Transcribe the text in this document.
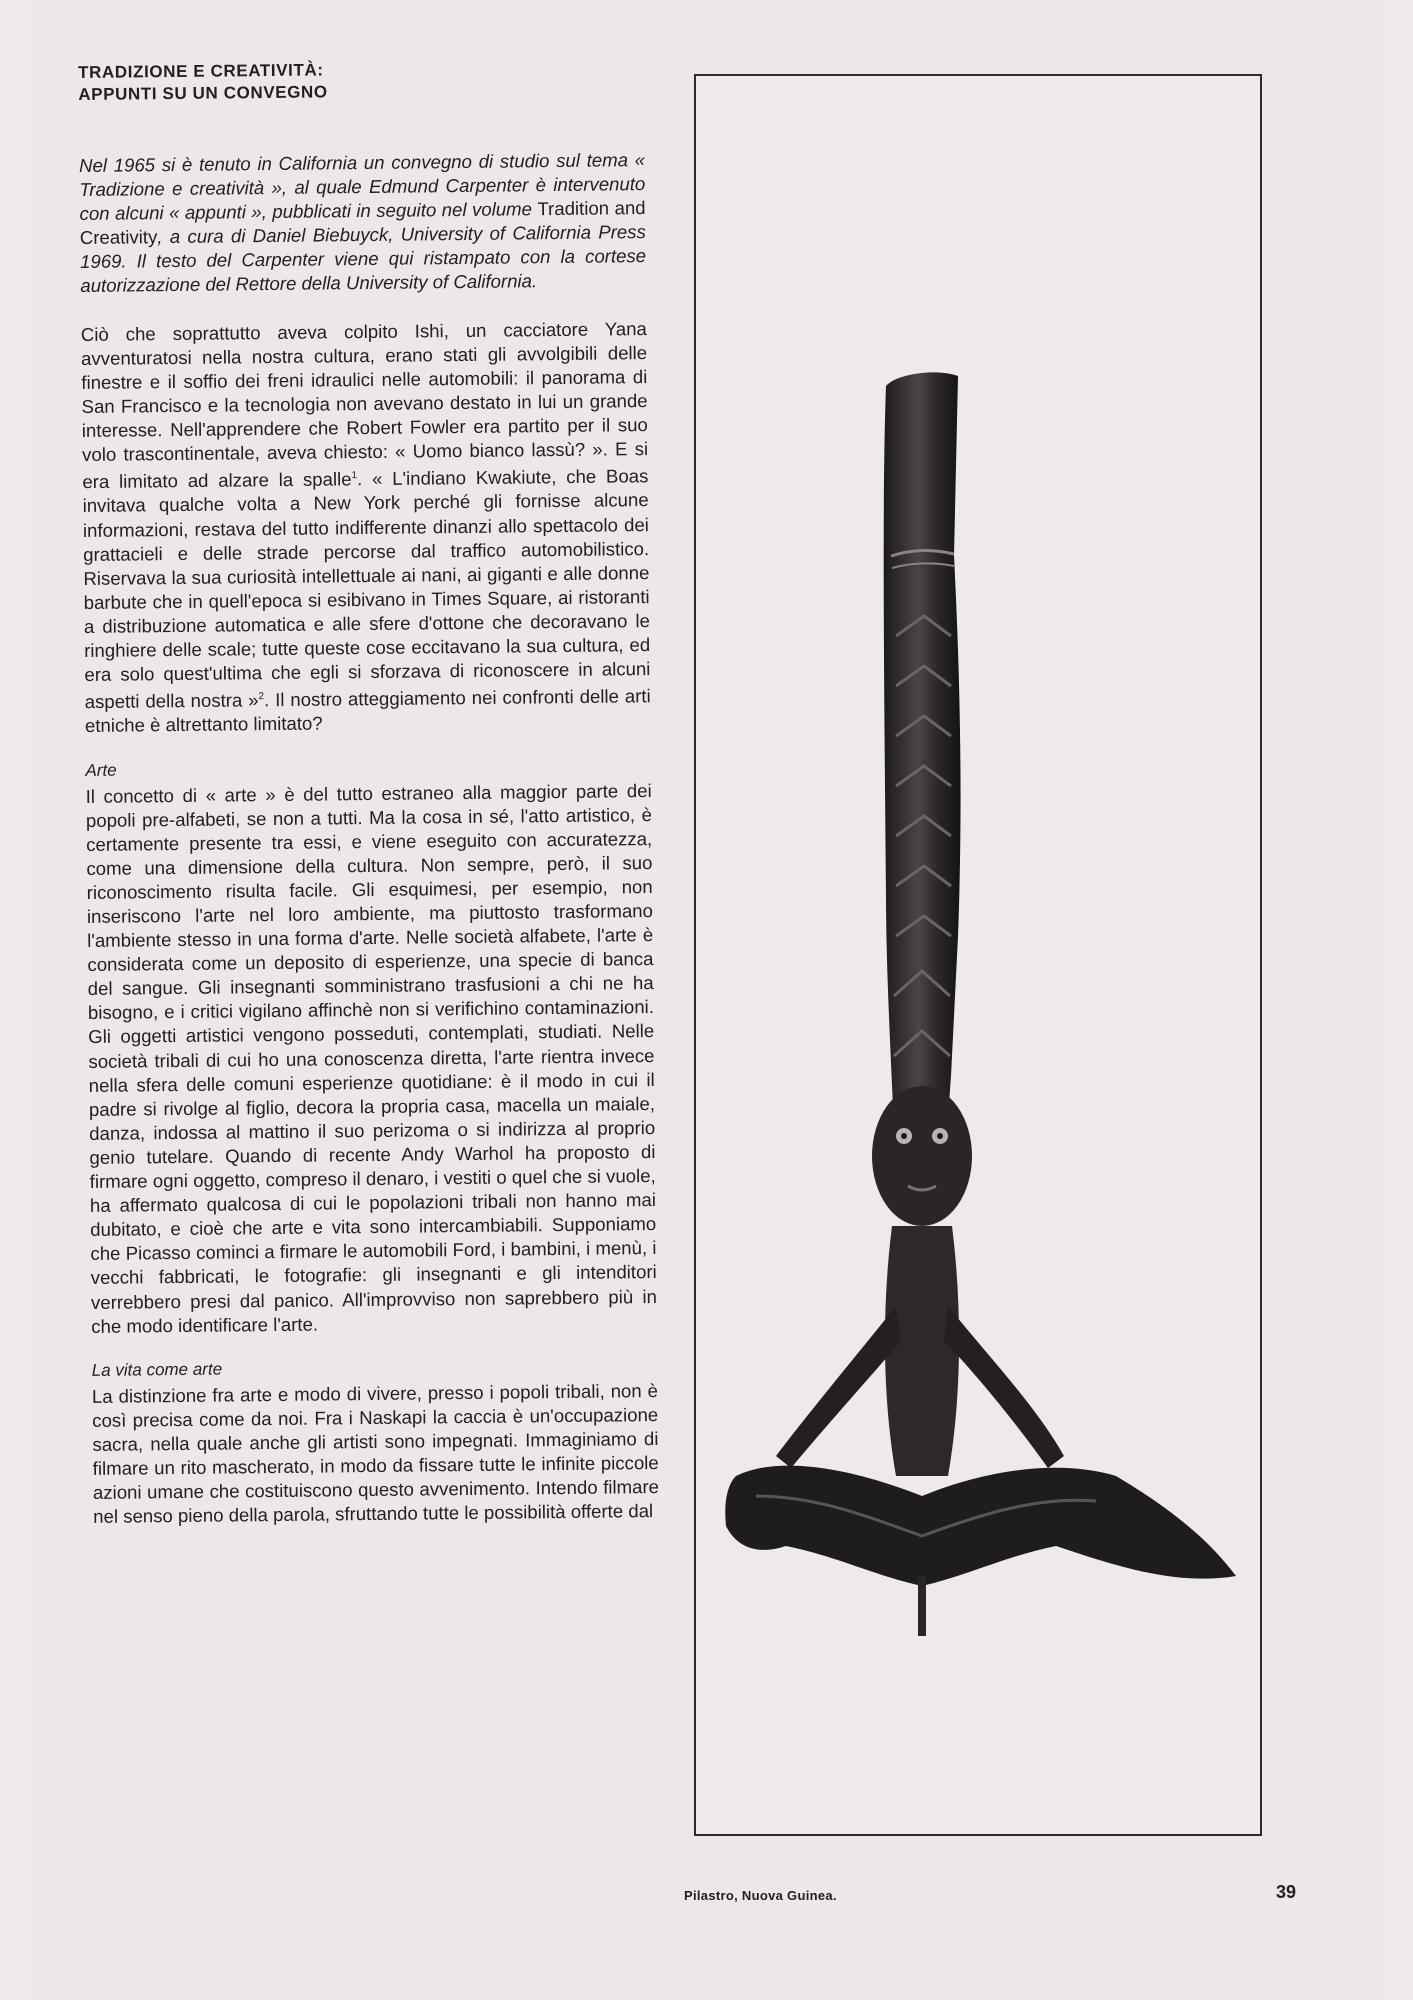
TRADIZIONE E CREATIVITÀ:
APPUNTI SU UN CONVEGNO

Nel 1965 si è tenuto in California un convegno di studio sul tema « Tradizione e creatività », al quale Edmund Carpenter è intervenuto con alcuni « appunti », pubblicati in seguito nel volume Tradition and Creativity, a cura di Daniel Biebuyck, University of California Press 1969. Il testo del Carpenter viene qui ristampato con la cortese autorizzazione del Rettore della University of California.

Ciò che soprattutto aveva colpito Ishi, un cacciatore Yana avventuratosi nella nostra cultura, erano stati gli avvolgibili delle finestre e il soffio dei freni idraulici nelle automobili: il panorama di San Francisco e la tecnologia non avevano destato in lui un grande interesse. Nell'apprendere che Robert Fowler era partito per il suo volo trascontinentale, aveva chiesto: « Uomo bianco lassù? ». E si era limitato ad alzare la spalle$^1$. « L'indiano Kwakiute, che Boas invitava qualche volta a New York perché gli fornisse alcune informazioni, restava del tutto indifferente dinanzi allo spettacolo dei grattacieli e delle strade percorse dal traffico automobilistico. Riservava la sua curiosità intellettuale ai nani, ai giganti e alle donne barbute che in quell'epoca si esibivano in Times Square, ai ristoranti a distribuzione automatica e alle sfere d'ottone che decoravano le ringhiere delle scale; tutte queste cose eccitavano la sua cultura, ed era solo quest'ultima che egli si sforzava di riconoscere in alcuni aspetti della nostra »$^2$. Il nostro atteggiamento nei confronti delle arti etniche è altrettanto limitato?

Arte

Il concetto di « arte » è del tutto estraneo alla maggior parte dei popoli pre-alfabeti, se non a tutti. Ma la cosa in sé, l'atto artistico, è certamente presente tra essi, e viene eseguito con accuratezza, come una dimensione della cultura. Non sempre, però, il suo riconoscimento risulta facile. Gli esquimesi, per esempio, non inseriscono l'arte nel loro ambiente, ma piuttosto trasformano l'ambiente stesso in una forma d'arte. Nelle società alfabete, l'arte è considerata come un deposito di esperienze, una specie di banca del sangue. Gli insegnanti somministrano trasfusioni a chi ne ha bisogno, e i critici vigilano affinchè non si verifichino contaminazioni. Gli oggetti artistici vengono posseduti, contemplati, studiati. Nelle società tribali di cui ho una conoscenza diretta, l'arte rientra invece nella sfera delle comuni esperienze quotidiane: è il modo in cui il padre si rivolge al figlio, decora la propria casa, macella un maiale, danza, indossa al mattino il suo perizoma o si indirizza al proprio genio tutelare. Quando di recente Andy Warhol ha proposto di firmare ogni oggetto, compreso il denaro, i vestiti o quel che si vuole, ha affermato qualcosa di cui le popolazioni tribali non hanno mai dubitato, e cioè che arte e vita sono intercambiabili. Supponiamo che Picasso cominci a firmare le automobili Ford, i bambini, i menù, i vecchi fabbricati, le fotografie: gli insegnanti e gli intenditori verrebbero presi dal panico. All'improvviso non saprebbero più in che modo identificare l'arte.

La vita come arte

La distinzione fra arte e modo di vivere, presso i popoli tribali, non è così precisa come da noi. Fra i Naskapi la caccia è un'occupazione sacra, nella quale anche gli artisti sono impegnati. Immaginiamo di filmare un rito mascherato, in modo da fissare tutte le infinite piccole azioni umane che costituiscono questo avvenimento. Intendo filmare nel senso pieno della parola, sfruttando tutte le possibilità offerte dal

Pilastro, Nuova Guinea.	39
